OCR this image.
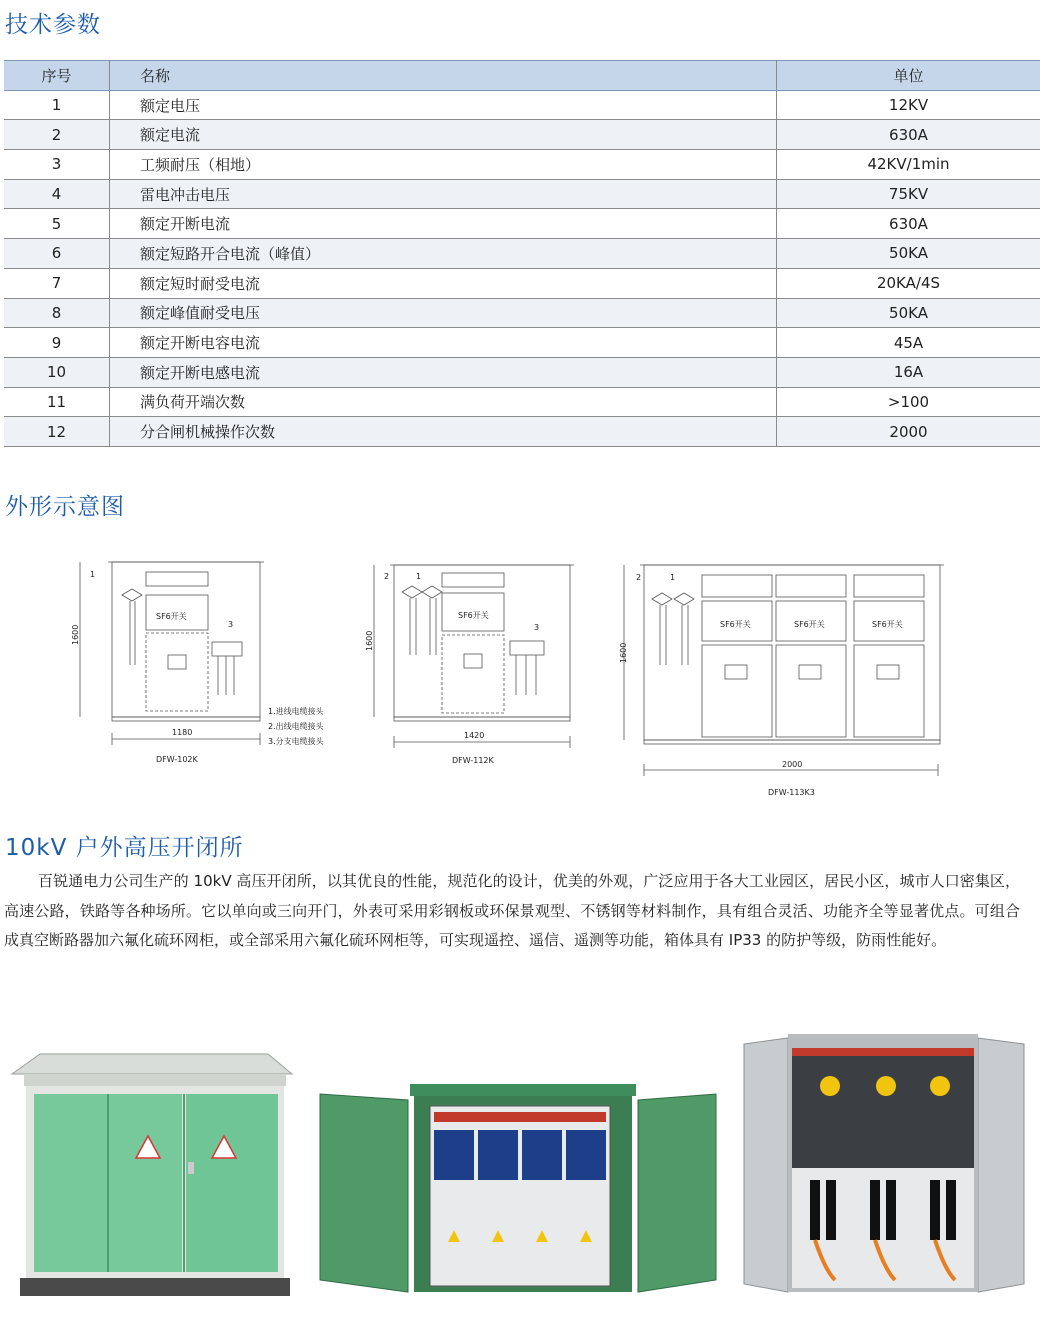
技术参数
序号	名称	单位
1	额定电压	12KV
2	额定电流	630A
3	工频耐压（相地）	42KV/1min
4	雷电冲击电压	75KV
5	额定开断电流	630A
6	额定短路开合电流（峰值）	50KA
7	额定短时耐受电流	20KA/4S
8	额定峰值耐受电压	50KA
9	额定开断电容电流	45A
10	额定开断电感电流	16A
11	满负荷开端次数	>100
12	分合闸机械操作次数	2000
外形示意图
1
3
SF6开关
1600
1180
DFW-102K
1.进线电缆接头
2.出线电缆接头
3.分支电缆接头
2	1
3
SF6开关
1600
1420
DFW-112K
2	1
SF6开关	SF6开关	SF6开关
1600
2000
DFW-113K3
10kV 户外高压开闭所
百锐通电力公司生产的 10kV 高压开闭所，以其优良的性能，规范化的设计，优美的外观，广泛应用于各大工业园区，居民小区，城市人口密集区，高速公路，铁路等各种场所。它以单向或三向开门，外表可采用彩钢板或环保景观型、不锈钢等材料制作，具有组合灵活、功能齐全等显著优点。可组合成真空断路器加六氟化硫环网柜，或全部采用六氟化硫环网柜等，可实现遥控、遥信、遥测等功能，箱体具有 IP33 的防护等级，防雨性能好。
